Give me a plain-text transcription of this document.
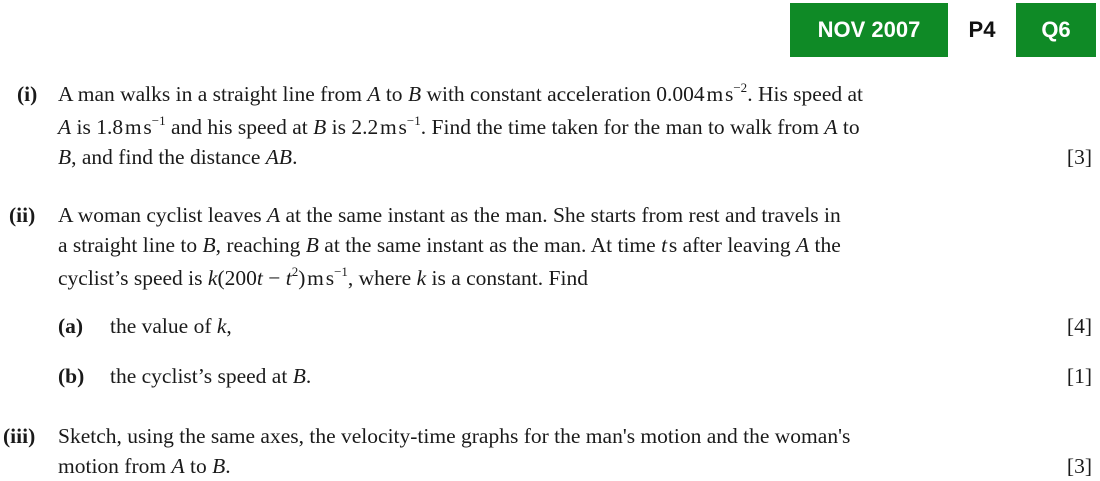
NOV 2007	P4	Q6
(i) A man walks in a straight line from A to B with constant acceleration 0.004 m $s^{-2}$. His speed at
A is 1.8 m $s^{-1}$ and his speed at B is 2.2 m $s^{-1}$. Find the time taken for the man to walk from A to
B, and find the distance AB.	[3]
(ii) A woman cyclist leaves A at the same instant as the man. She starts from rest and travels in
a straight line to B, reaching B at the same instant as the man. At time t s after leaving A the
cyclist’s speed is $k(200t - t^2)$ m $s^{-1}$, where k is a constant. Find
(a) the value of k,	[4]
(b) the cyclist’s speed at B.	[1]
(iii) Sketch, using the same axes, the velocity-time graphs for the man's motion and the woman's
motion from A to B.	[3]
